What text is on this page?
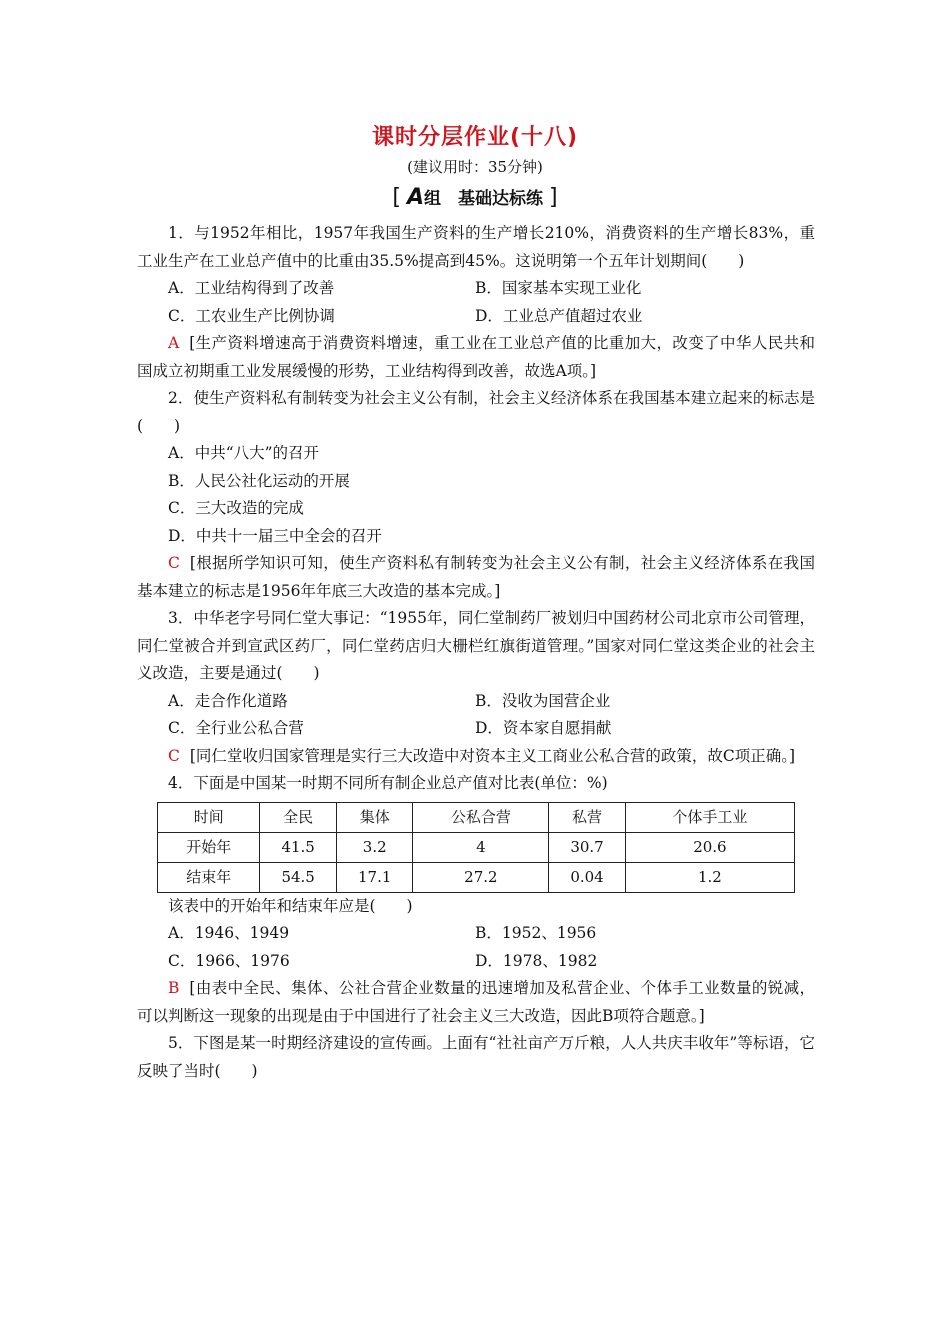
课时分层作业(十八)
(建议用时：35分钟)
[ A组　基础达标练 ]

1．与1952年相比，1957年我国生产资料的生产增长210%，消费资料的生产增长83%，重工业生产在工业总产值中的比重由35.5%提高到45%。这说明第一个五年计划期间(　　)

A．工业结构得到了改善	B．国家基本实现工业化
C．工农业生产比例协调	D．工业总产值超过农业

A [生产资料增速高于消费资料增速，重工业在工业总产值的比重加大，改变了中华人民共和国成立初期重工业发展缓慢的形势，工业结构得到改善，故选A项。]

2．使生产资料私有制转变为社会主义公有制，社会主义经济体系在我国基本建立起来的标志是(　　)

A．中共“八大”的召开

B．人民公社化运动的开展

C．三大改造的完成

D．中共十一届三中全会的召开

C [根据所学知识可知，使生产资料私有制转变为社会主义公有制，社会主义经济体系在我国基本建立的标志是1956年年底三大改造的基本完成。]

3．中华老字号同仁堂大事记：“1955年，同仁堂制药厂被划归中国药材公司北京市公司管理，同仁堂被合并到宣武区药厂，同仁堂药店归大栅栏红旗街道管理。”国家对同仁堂这类企业的社会主义改造，主要是通过(　　)

A．走合作化道路	B．没收为国营企业
C．全行业公私合营	D．资本家自愿捐献

C [同仁堂收归国家管理是实行三大改造中对资本主义工商业公私合营的政策，故C项正确。]

4．下面是中国某一时期不同所有制企业总产值对比表(单位：%)

时间	全民	集体	公私合营	私营	个体手工业
开始年	41.5	3.2	4	30.7	20.6
结束年	54.5	17.1	27.2	0.04	1.2

该表中的开始年和结束年应是(　　)

A．1946、1949	B．1952、1956
C．1966、1976	D．1978、1982

B [由表中全民、集体、公社合营企业数量的迅速增加及私营企业、个体手工业数量的锐减，可以判断这一现象的出现是由于中国进行了社会主义三大改造，因此B项符合题意。]

5．下图是某一时期经济建设的宣传画。上面有“社社亩产万斤粮，人人共庆丰收年”等标语，它反映了当时(　　)
